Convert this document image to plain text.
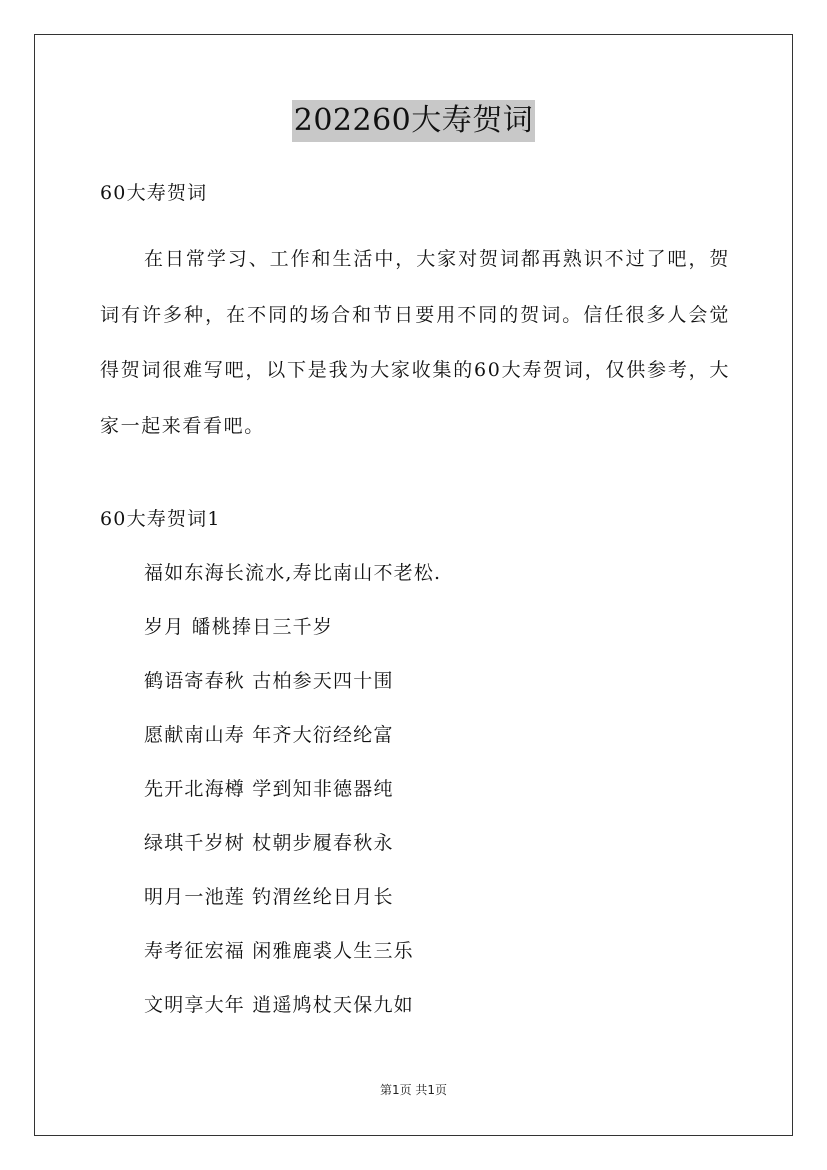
202260大寿贺词
60大寿贺词

在日常学习、工作和生活中，大家对贺词都再熟识不过了吧，贺词有许多种，在不同的场合和节日要用不同的贺词。信任很多人会觉得贺词很难写吧，以下是我为大家收集的60大寿贺词，仅供参考，大家一起来看看吧。

60大寿贺词1
福如东海长流水,寿比南山不老松.
岁月 皤桃捧日三千岁
鹤语寄春秋 古柏参天四十围
愿献南山寿 年齐大衍经纶富
先开北海樽 学到知非德器纯
绿琪千岁树 杖朝步履春秋永
明月一池莲 钓渭丝纶日月长
寿考征宏福 闲雅鹿裘人生三乐
文明享大年 逍遥鸠杖天保九如
第1页 共1页
